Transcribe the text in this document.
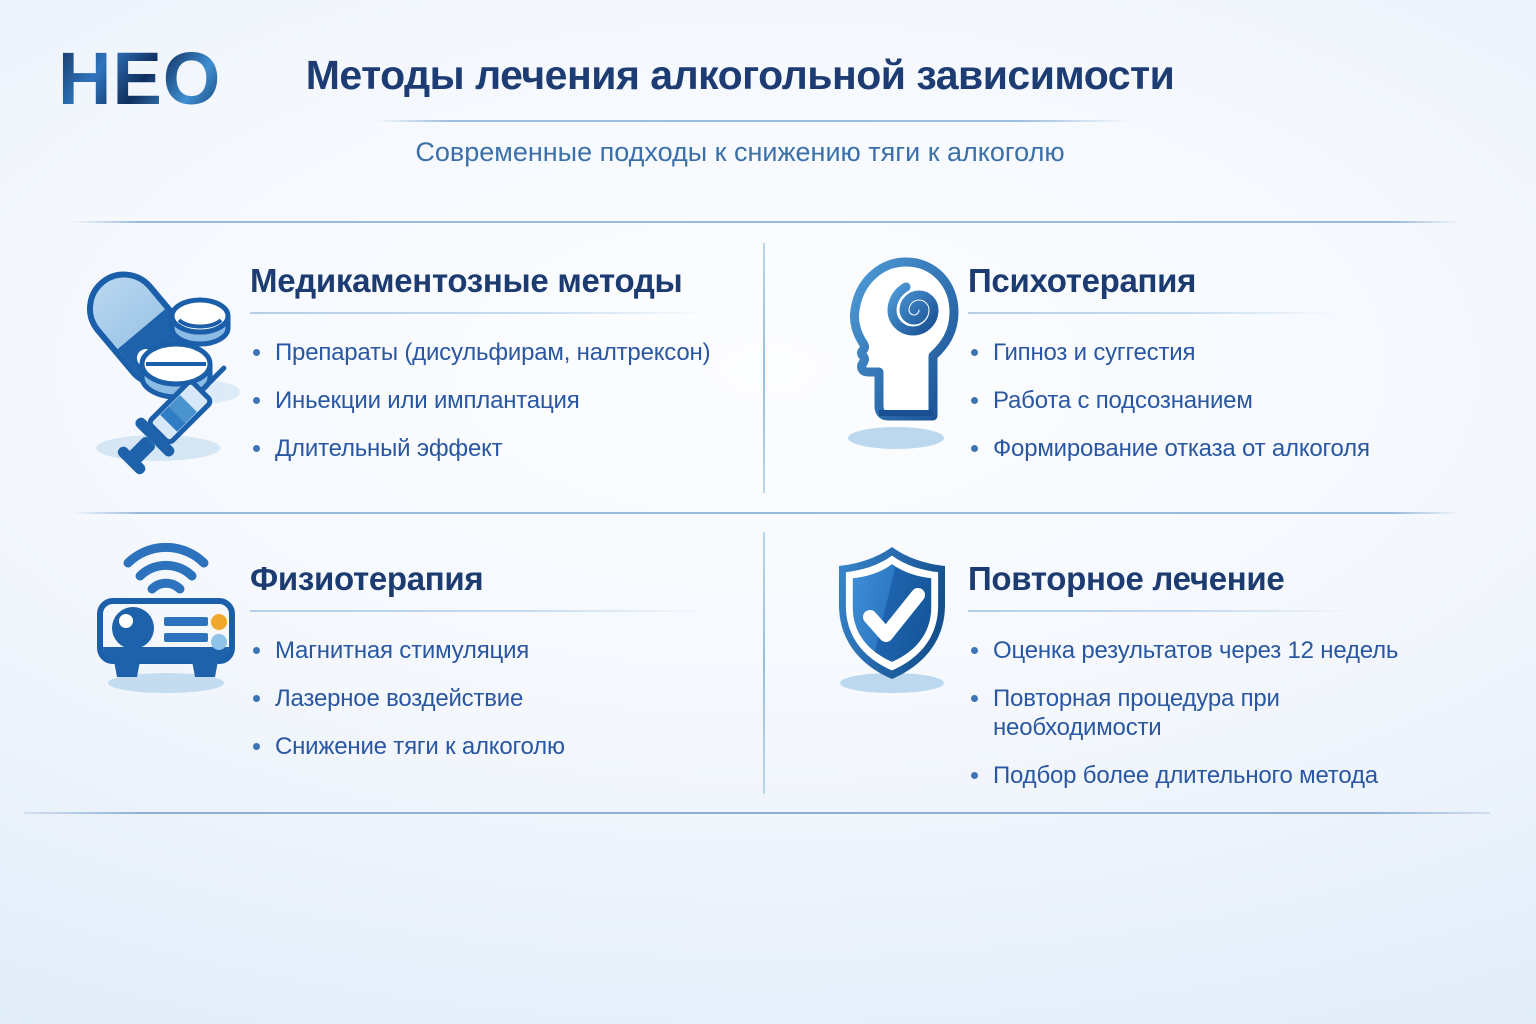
НЕО	Методы лечения алкогольной зависимости
Современные подходы к снижению тяги к алкоголю
Медикаментозные методы
Препараты (дисульфирам, налтрексон)
Иньекции или имплантация
Длительный эффект
Психотерапия
Гипноз и суггестия
Работа с подсознанием
Формирование отказа от алкоголя
Физиотерапия
Магнитная стимуляция
Лазерное воздействие
Снижение тяги к алкоголю
Повторное лечение
Оценка результатов через 12 недель
Повторная процедура при необходимости
Подбор более длительного метода
